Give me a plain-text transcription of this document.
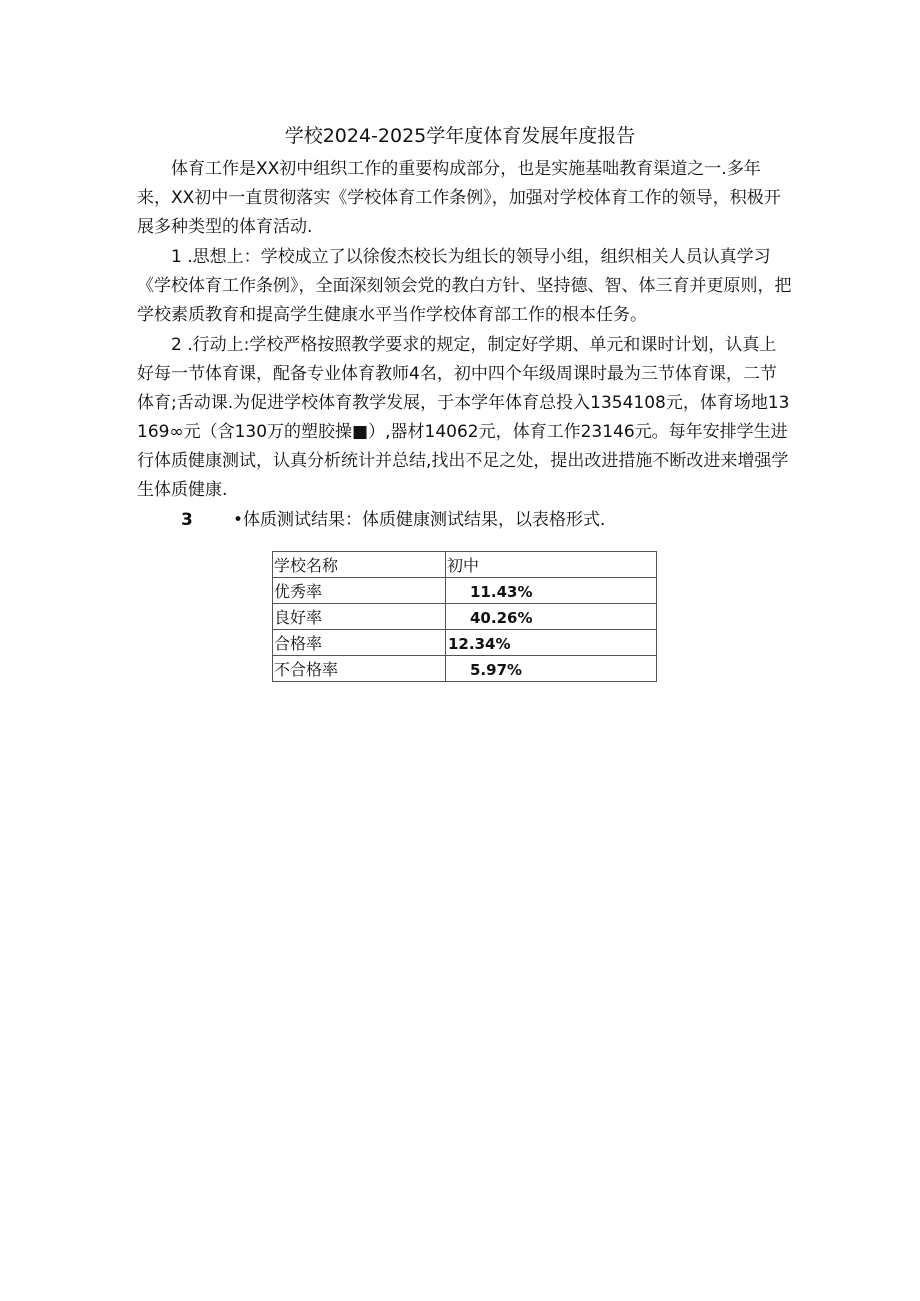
学校2024-2025学年度体育发展年度报告

体育工作是XX初中组织工作的重要构成部分，也是实施基咄教育渠道之一.多年来，XX初中一直贯彻落实《学校体育工作条例》，加强对学校体育工作的领导，积极开展多种类型的体育活动.

1 .思想上：学校成立了以徐俊杰校长为组长的领导小组，组织相关人员认真学习《学校体育工作条例》，全面深刻领会党的教白方针、坚持德、智、体三育并更原则，把学校素质教育和提高学生健康水平当作学校体育部工作的根本任务。

2 .行动上:学校严格按照教学要求的规定，制定好学期、单元和课时计划，认真上好每一节体育课，配备专业体育教师4名，初中四个年级周课时最为三节体育课，二节体育;舌动课.为促进学校体育教学发展，于本学年体育总投入1354108元，体育场地13169∞元（含130万的塑胶操■）,器材14062元，体育工作23146元。每年安排学生进行体质健康测试，认真分析统计并总结,找出不足之处，提出改进措施不断改进来增强学生体质健康.

3 •体质测试结果：体质健康测试结果，以表格形式.
学校名称	初中
优秀率	11.43%
良好率	40.26%
合格率	12.34%
不合格率	5.97%
